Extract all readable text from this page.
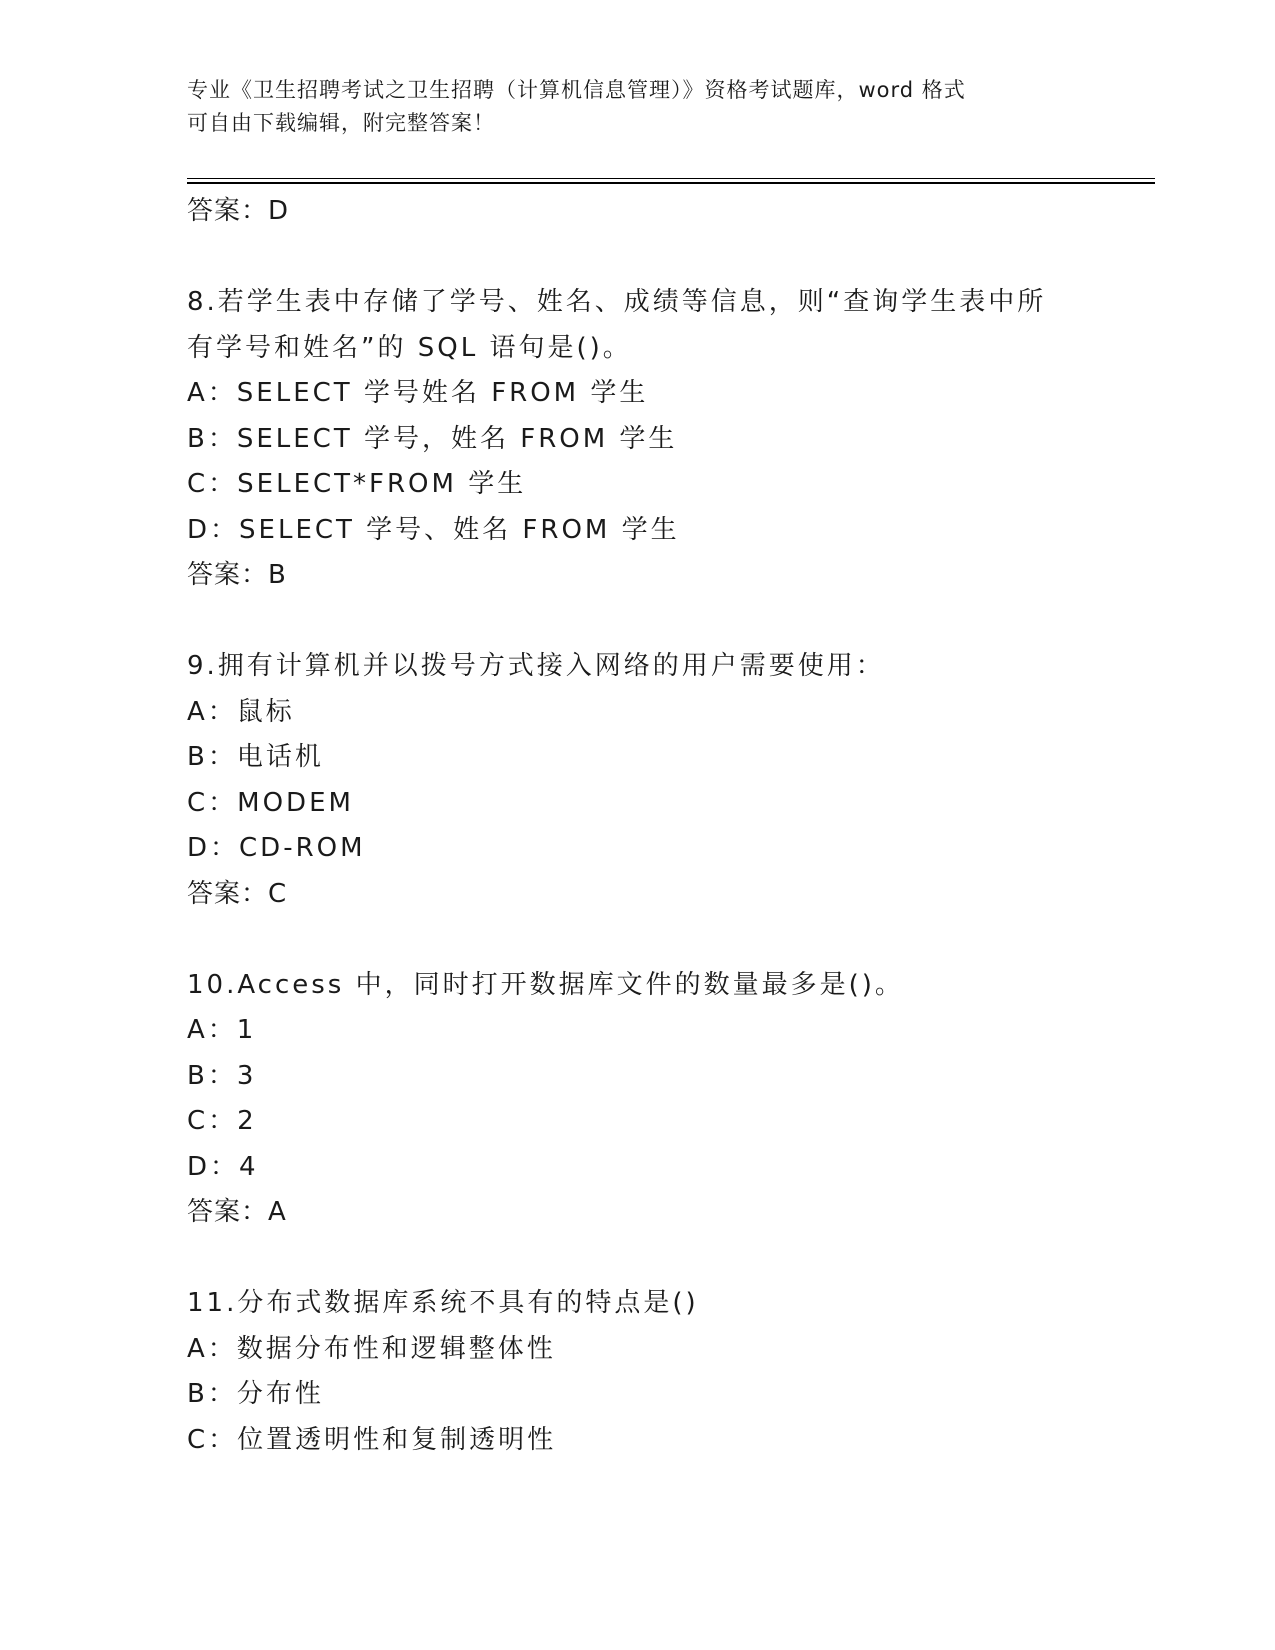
专业《卫生招聘考试之卫生招聘（计算机信息管理）》资格考试题库，word 格式
可自由下载编辑，附完整答案！
答案：D
8.若学生表中存储了学号、姓名、成绩等信息，则“查询学生表中所
有学号和姓名”的 SQL 语句是()。
A：SELECT 学号姓名 FROM 学生
B：SELECT 学号，姓名 FROM 学生
C：SELECT*FROM 学生
D：SELECT 学号、姓名 FROM 学生
答案：B
9.拥有计算机并以拨号方式接入网络的用户需要使用：
A：鼠标
B：电话机
C：MODEM
D：CD-ROM
答案：C
10.Access 中，同时打开数据库文件的数量最多是()。
A：1
B：3
C：2
D：4
答案：A
11.分布式数据库系统不具有的特点是()
A：数据分布性和逻辑整体性
B：分布性
C：位置透明性和复制透明性
